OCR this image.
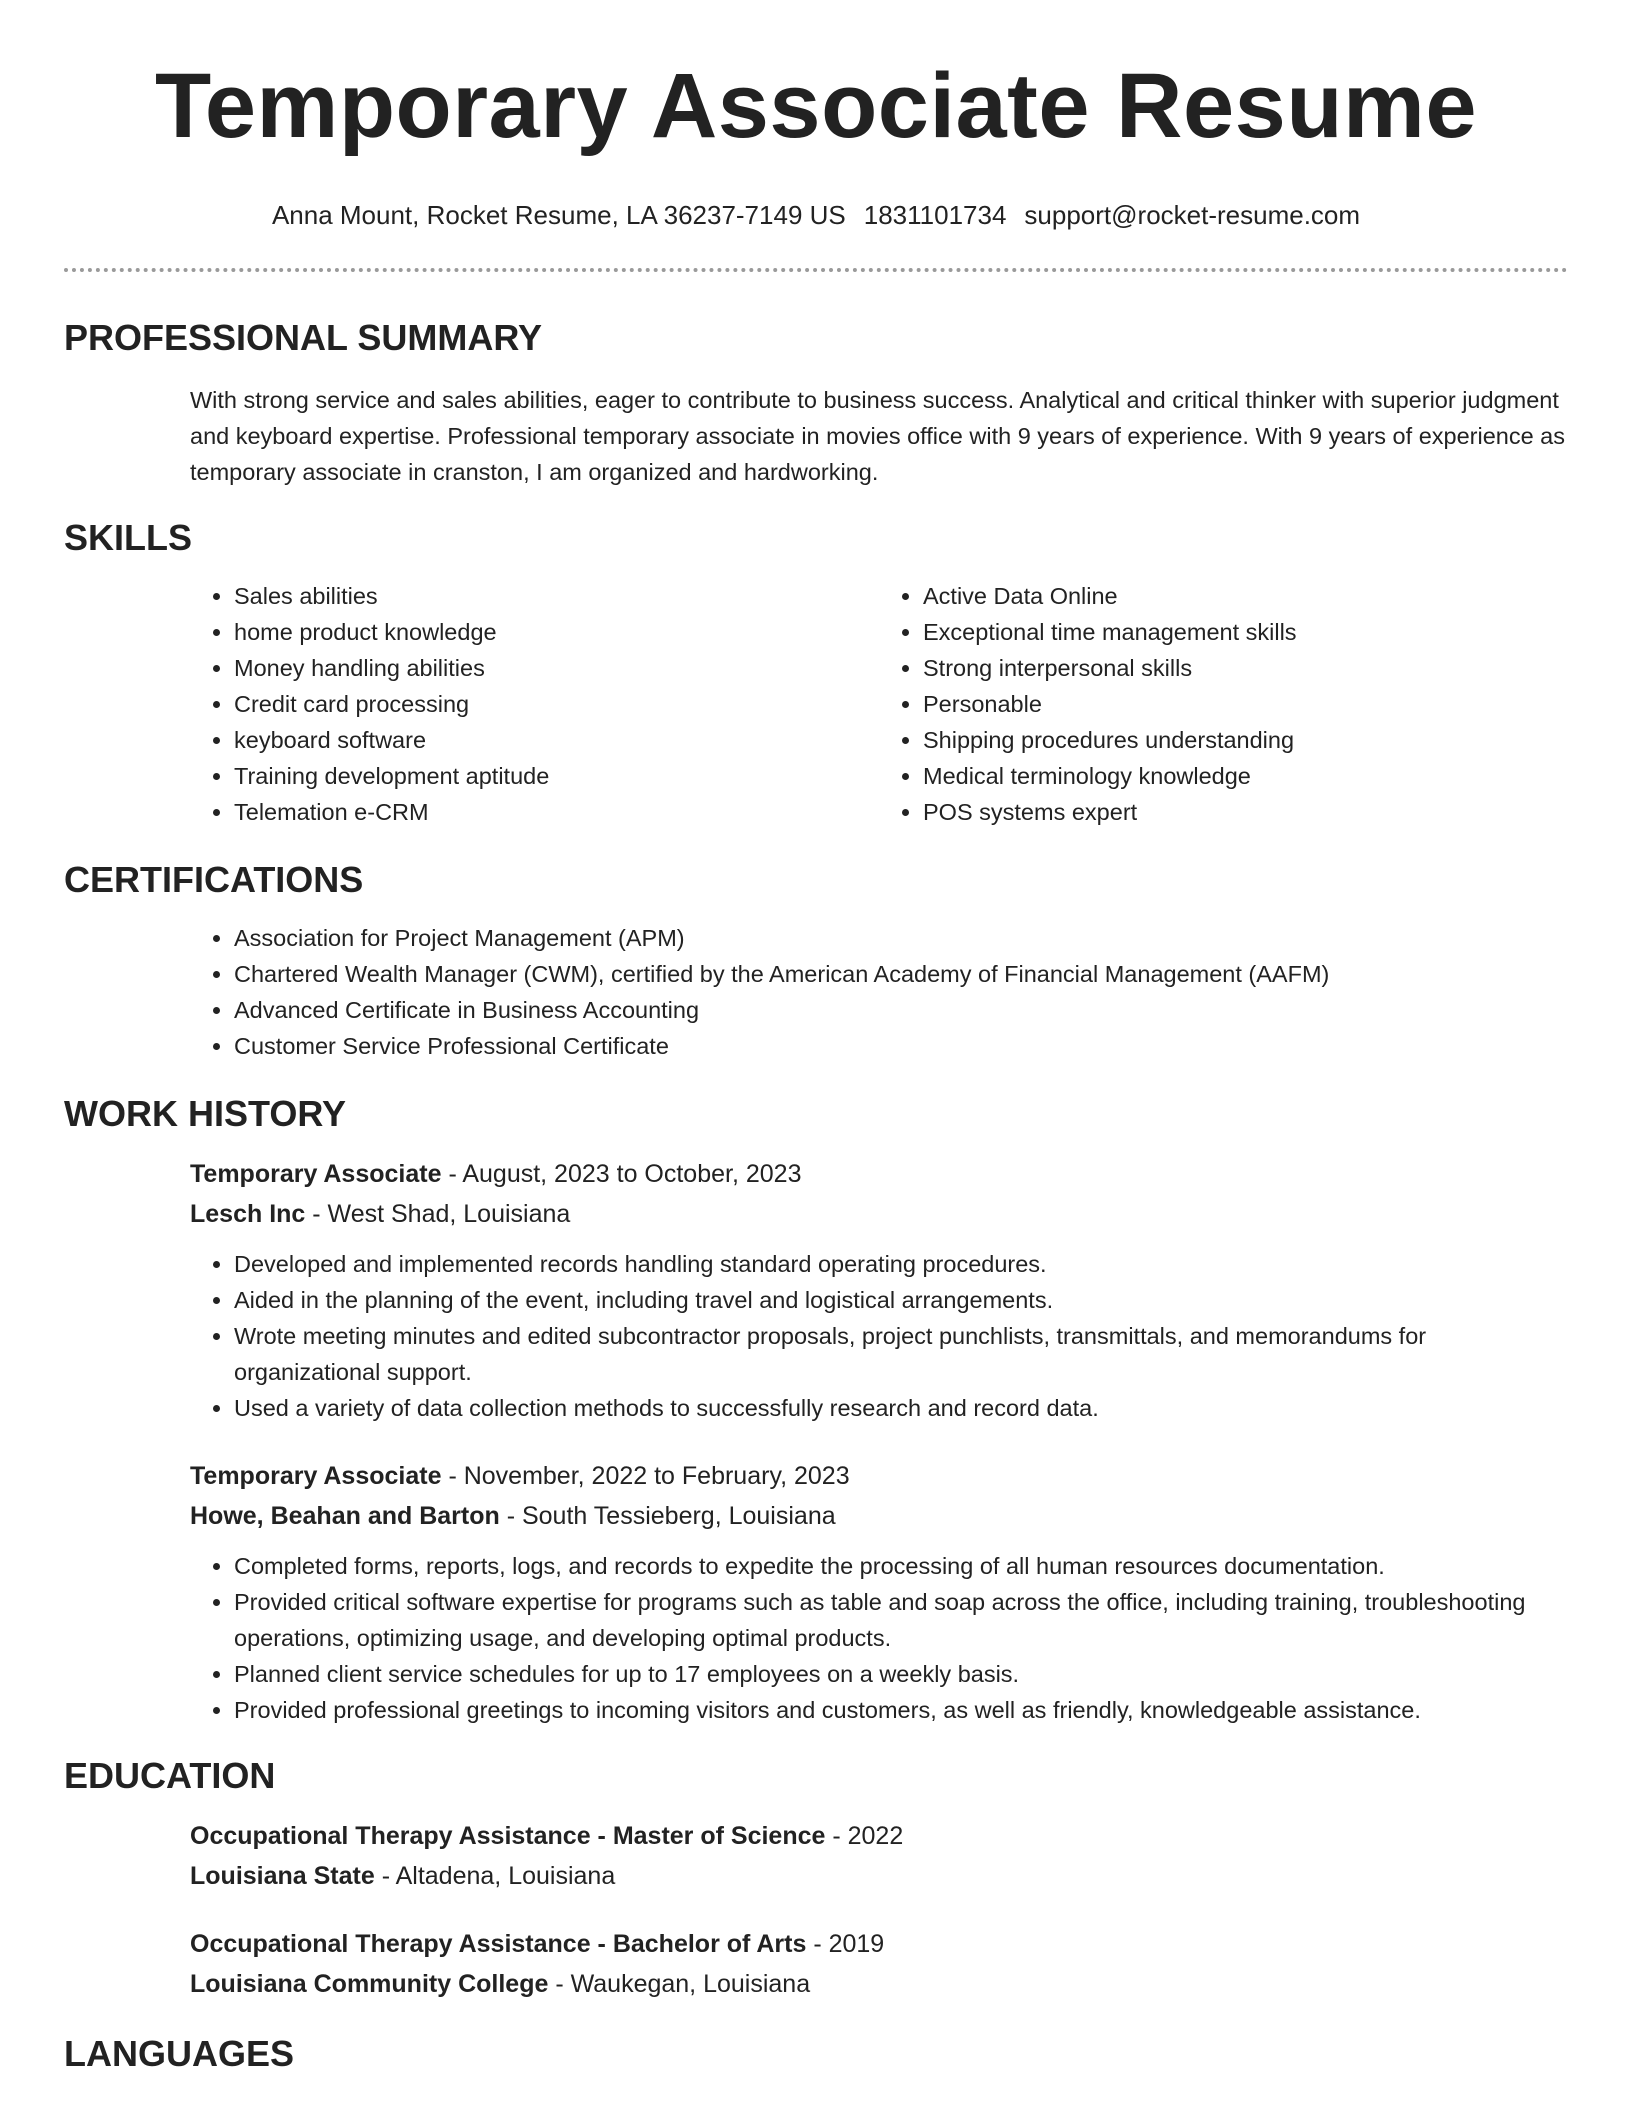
Temporary Associate Resume
Anna Mount, Rocket Resume, LA 36237-7149 US 1831101734 support@rocket-resume.com
PROFESSIONAL SUMMARY

With strong service and sales abilities, eager to contribute to business success. Analytical and critical thinker with superior judgment and keyboard expertise. Professional temporary associate in movies office with 9 years of experience. With 9 years of experience as temporary associate in cranston, I am organized and hardworking.

SKILLS
• Sales abilities
• home product knowledge
• Money handling abilities
• Credit card processing
• keyboard software
• Training development aptitude
• Telemation e-CRM
• Active Data Online
• Exceptional time management skills
• Strong interpersonal skills
• Personable
• Shipping procedures understanding
• Medical terminology knowledge
• POS systems expert
CERTIFICATIONS
• Association for Project Management (APM)
• Chartered Wealth Manager (CWM), certified by the American Academy of Financial Management (AAFM)
• Advanced Certificate in Business Accounting
• Customer Service Professional Certificate
WORK HISTORY
Temporary Associate - August, 2023 to October, 2023
Lesch Inc - West Shad, Louisiana
• Developed and implemented records handling standard operating procedures.
• Aided in the planning of the event, including travel and logistical arrangements.
• Wrote meeting minutes and edited subcontractor proposals, project punchlists, transmittals, and memorandums for organizational support.
• Used a variety of data collection methods to successfully research and record data.
Temporary Associate - November, 2022 to February, 2023
Howe, Beahan and Barton - South Tessieberg, Louisiana
• Completed forms, reports, logs, and records to expedite the processing of all human resources documentation.
• Provided critical software expertise for programs such as table and soap across the office, including training, troubleshooting operations, optimizing usage, and developing optimal products.
• Planned client service schedules for up to 17 employees on a weekly basis.
• Provided professional greetings to incoming visitors and customers, as well as friendly, knowledgeable assistance.
EDUCATION
Occupational Therapy Assistance - Master of Science - 2022
Louisiana State - Altadena, Louisiana
Occupational Therapy Assistance - Bachelor of Arts - 2019
Louisiana Community College - Waukegan, Louisiana
LANGUAGES
